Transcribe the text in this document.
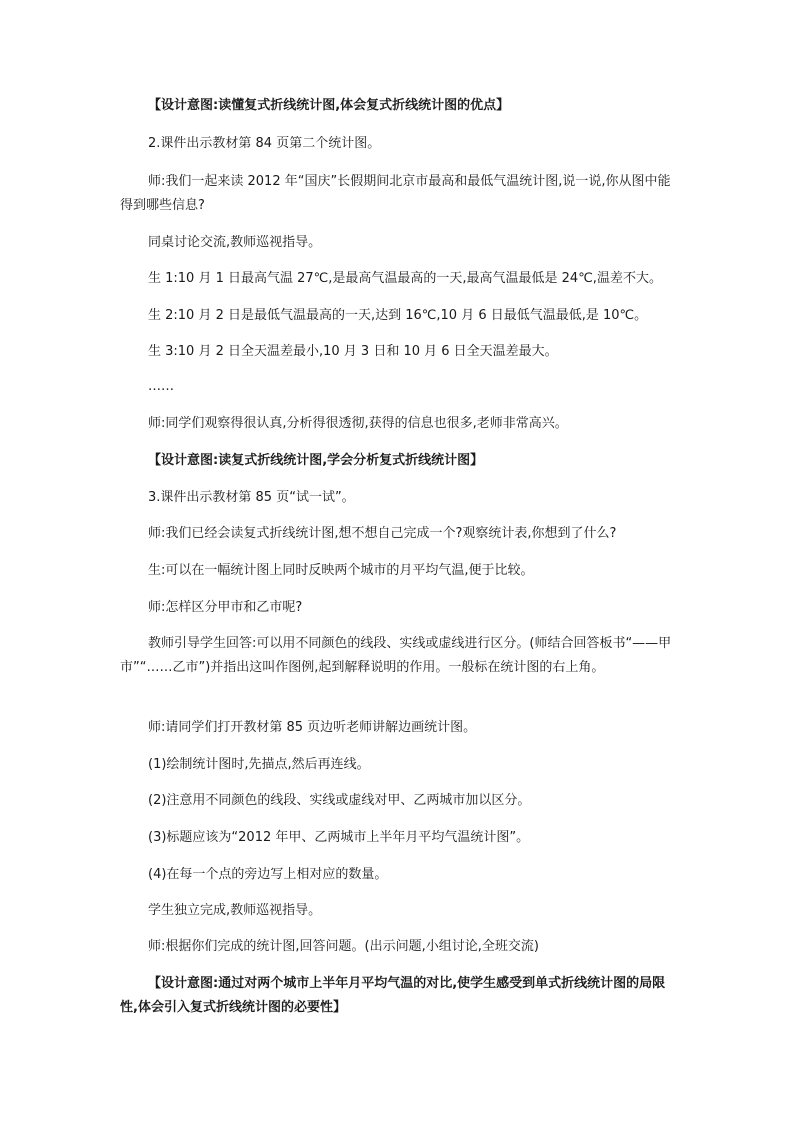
【设计意图:读懂复式折线统计图,体会复式折线统计图的优点】

2.课件出示教材第 84 页第二个统计图。

师:我们一起来读 2012 年“国庆”长假期间北京市最高和最低气温统计图,说一说,你从图中能得到哪些信息?

同桌讨论交流,教师巡视指导。

生 1:10 月 1 日最高气温 27℃,是最高气温最高的一天,最高气温最低是 24℃,温差不大。

生 2:10 月 2 日是最低气温最高的一天,达到 16℃,10 月 6 日最低气温最低,是 10℃。

生 3:10 月 2 日全天温差最小,10 月 3 日和 10 月 6 日全天温差最大。

……

师:同学们观察得很认真,分析得很透彻,获得的信息也很多,老师非常高兴。

【设计意图:读复式折线统计图,学会分析复式折线统计图】

3.课件出示教材第 85 页“试一试”。

师:我们已经会读复式折线统计图,想不想自己完成一个?观察统计表,你想到了什么?

生:可以在一幅统计图上同时反映两个城市的月平均气温,便于比较。

师:怎样区分甲市和乙市呢?

教师引导学生回答:可以用不同颜色的线段、实线或虚线进行区分。(师结合回答板书“——甲市”“……乙市”)并指出这叫作图例,起到解释说明的作用。一般标在统计图的右上角。

师:请同学们打开教材第 85 页边听老师讲解边画统计图。

(1)绘制统计图时,先描点,然后再连线。

(2)注意用不同颜色的线段、实线或虚线对甲、乙两城市加以区分。

(3)标题应该为“2012 年甲、乙两城市上半年月平均气温统计图”。

(4)在每一个点的旁边写上相对应的数量。

学生独立完成,教师巡视指导。

师:根据你们完成的统计图,回答问题。(出示问题,小组讨论,全班交流)

【设计意图:通过对两个城市上半年月平均气温的对比,使学生感受到单式折线统计图的局限性,体会引入复式折线统计图的必要性】
